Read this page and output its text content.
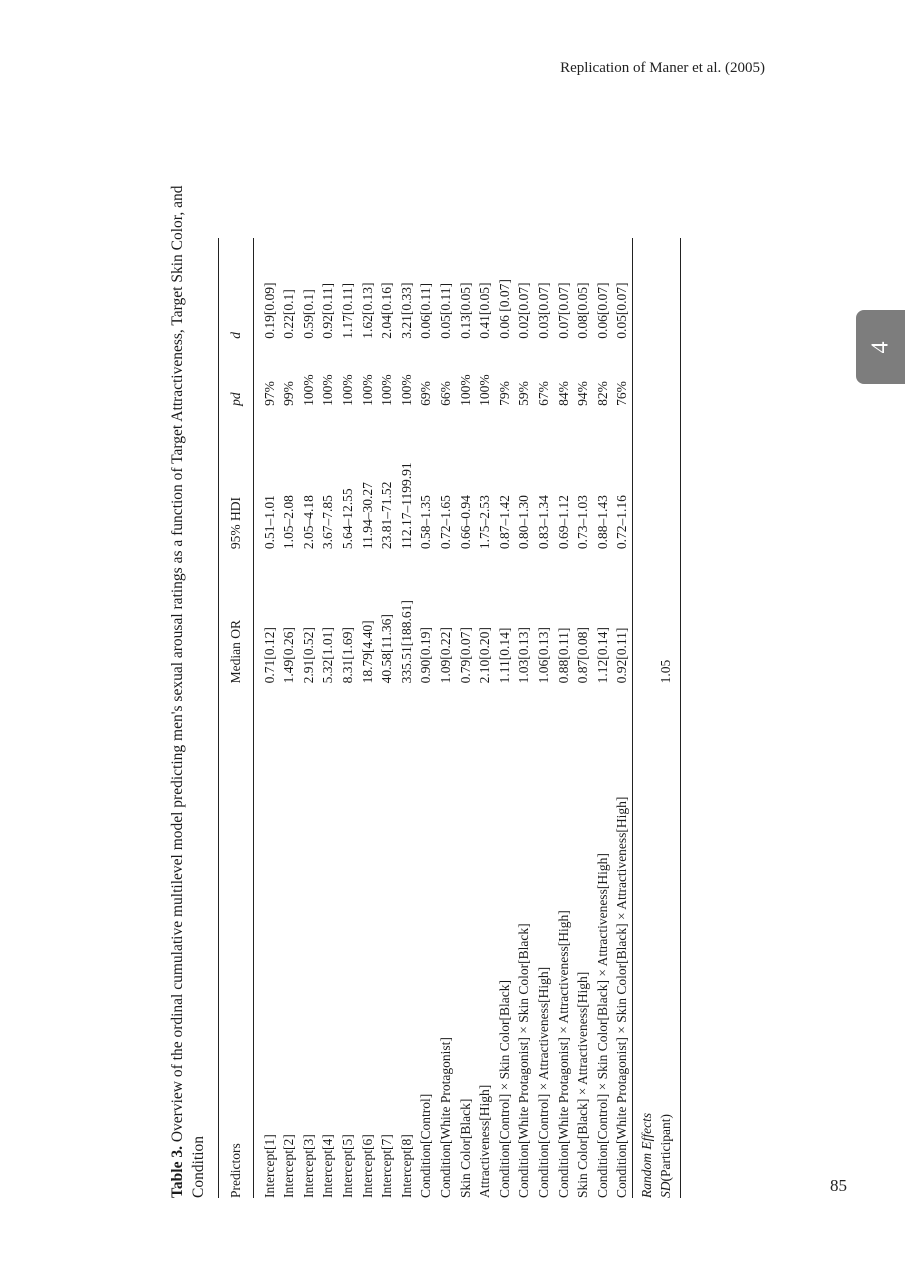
Replication of Maner et al. (2005)
4
Table 3. Overview of the ordinal cumulative multilevel model predicting men's sexual arousal ratings as a function of Target Attractiveness, Target Skin Color, and Condition Predictors	Median OR	95% HDI	pd	d
Intercept[1]	0.71[0.12]	0.51–1.01	97%	0.19[0.09]
Intercept[2]	1.49[0.26]	1.05–2.08	99%	0.22[0.1]
Intercept[3]	2.91[0.52]	2.05–4.18	100%	0.59[0.1]
Intercept[4]	5.32[1.01]	3.67–7.85	100%	0.92[0.11]
Intercept[5]	8.31[1.69]	5.64–12.55	100%	1.17[0.11]
Intercept[6]	18.79[4.40]	11.94–30.27	100%	1.62[0.13]
Intercept[7]	40.58[11.36]	23.81–71.52	100%	2.04[0.16]
Intercept[8]	335.51[188.61]	112.17–1199.91	100%	3.21[0.33]
Condition[Control]	0.90[0.19]	0.58–1.35	69%	0.06[0.11]
Condition[White Protagonist]	1.09[0.22]	0.72–1.65	66%	0.05[0.11]
Skin Color[Black]	0.79[0.07]	0.66–0.94	100%	0.13[0.05]
Attractiveness[High]	2.10[0.20]	1.75–2.53	100%	0.41[0.05]
Condition[Control] × Skin Color[Black]	1.11[0.14]	0.87–1.42	79%	0.06 [0.07]
Condition[White Protagonist] × Skin Color[Black]	1.03[0.13]	0.80–1.30	59%	0.02[0.07]
Condition[Control] × Attractiveness[High]	1.06[0.13]	0.83–1.34	67%	0.03[0.07]
Condition[White Protagonist] × Attractiveness[High]	0.88[0.11]	0.69–1.12	84%	0.07[0.07]
Skin Color[Black] × Attractiveness[High]	0.87[0.08]	0.73–1.03	94%	0.08[0.05]
Condition[Control] × Skin Color[Black] × Attractiveness[High]	1.12[0.14]	0.88–1.43	82%	0.06[0.07]
Condition[White Protagonist] × Skin Color[Black] × Attractiveness[High]	0.92[0.11]	0.72–1.16	76%	0.05[0.07]
Random Effects				
SD(Participant)	1.05			
85
